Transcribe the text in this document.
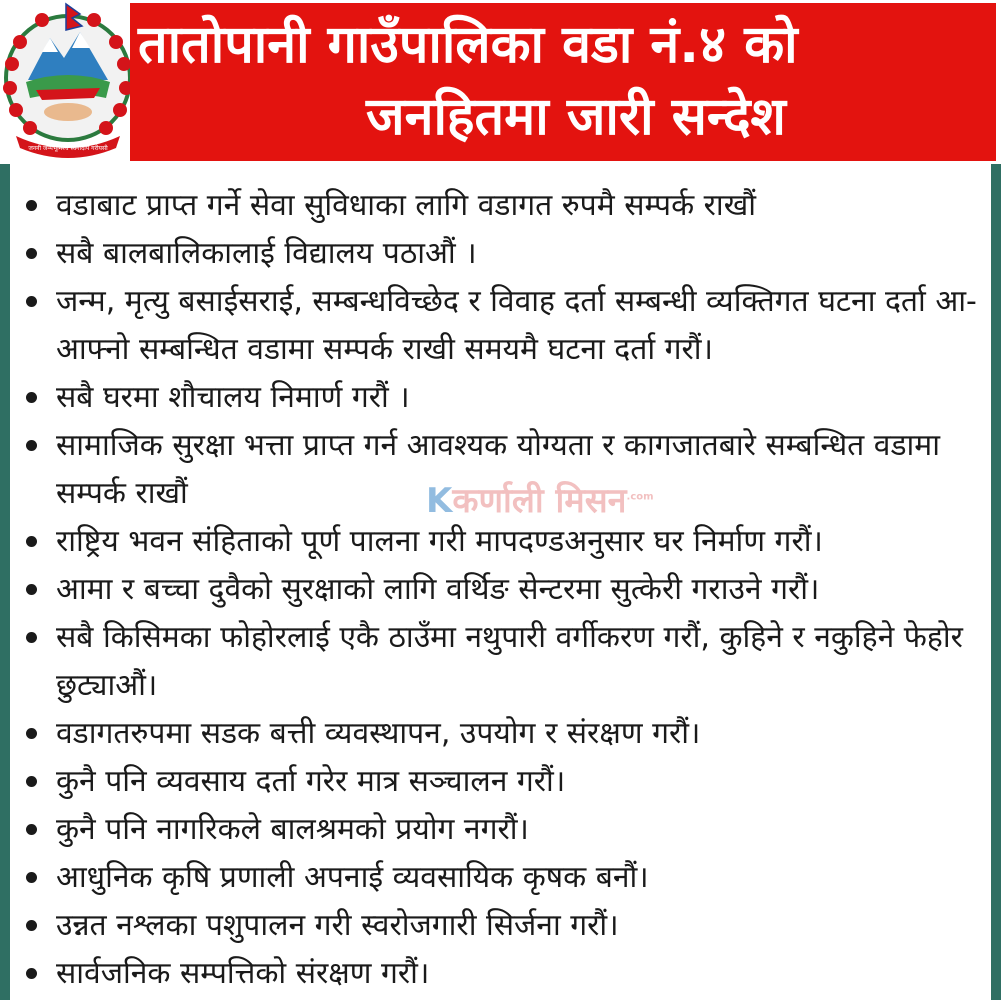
जननी जन्मभूमिश्च स्वर्गादपि गरीयसी
तातोपानी गाउँपालिका वडा नं.४ को
जनहितमा जारी सन्देश
वडाबाट प्राप्त गर्ने सेवा सुविधाका लागि वडागत रुपमै सम्पर्क राखौं
सबै बालबालिकालाई विद्यालय पठाऔं ।
जन्म, मृत्यु बसाईसराई, सम्बन्धविच्छेद र विवाह दर्ता सम्बन्धी व्यक्तिगत घटना दर्ता आ-आफ्नो सम्बन्धित वडामा सम्पर्क राखी समयमै घटना दर्ता गरौं।
सबै घरमा शौचालय निमार्ण गरौं ।
सामाजिक सुरक्षा भत्ता प्राप्त गर्न आवश्यक योग्यता र कागजातबारे सम्बन्धित वडामा सम्पर्क राखौं
राष्ट्रिय भवन संहिताको पूर्ण पालना गरी मापदण्डअनुसार घर निर्माण गरौं।
आमा र बच्चा दुवैको सुरक्षाको लागि वर्थिङ सेन्टरमा सुत्केरी गराउने गरौं।
सबै किसिमका फोहोरलाई एकै ठाउँमा नथुपारी वर्गीकरण गरौं, कुहिने र नकुहिने फेहोर छुट्याऔं।
वडागतरुपमा सडक बत्ती व्यवस्थापन, उपयोग र संरक्षण गरौं।
कुनै पनि व्यवसाय दर्ता गरेर मात्र सञ्चालन गरौं।
कुनै पनि नागरिकले बालश्रमको प्रयोग नगरौं।
आधुनिक कृषि प्रणाली अपनाई व्यवसायिक कृषक बनौं।
उन्नत नश्लका पशुपालन गरी स्वरोजगारी सिर्जना गरौं।
सार्वजनिक सम्पत्तिको संरक्षण गरौं।
Kकर्णाली मिसन$^{.com}$
